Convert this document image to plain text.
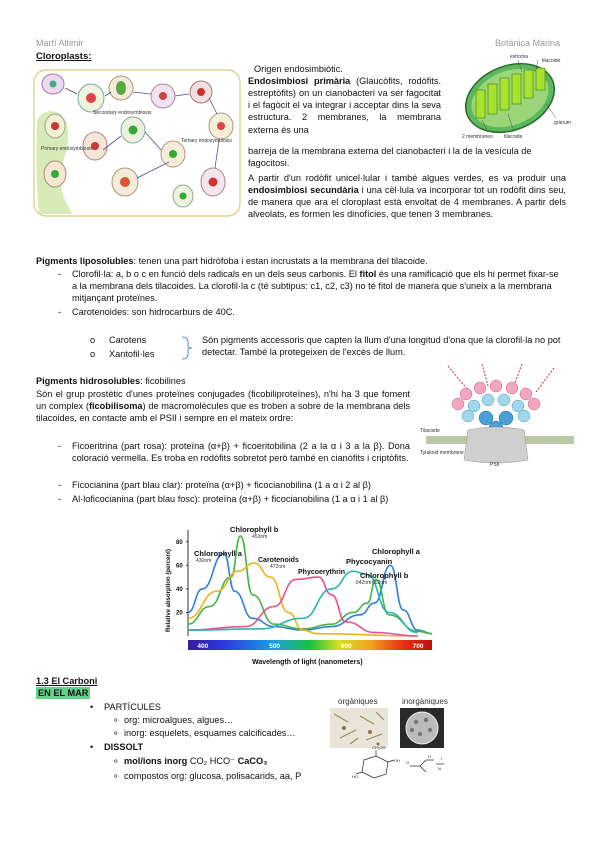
Martí Altimir	Botànica Marina
Cloroplasts:
Primary endosymbiosis
Secondary endosymbiosis
Tertiary endosymbiosis
Origen endosimbiòtic.
Endosimbiosi primària (Glaucòfits, rodòfits. estreptòfits) on un cianobacteri va ser fagocitat i el fagòcit el va integrar i acceptar dins la seva estructura. 2 membranes, la membrana externa és una
barreja de la membrana externa del cianobacteri i la de la vesícula de fagocitosi.
A partir d'un rodòfit unicel·lular i també algues verdes, es va produir una endosimbiosi secundària i una cèl·lula va incorporar tot un rodòfit dins seu, de manera que ara el cloroplast està envoltat de 4 membranes. A partir dels alveolats, es formen les dinofícies, que tenen 3 membranes.
estroma
tilacoide
grànum
2 membranes tilacoide
Pigments liposolubles: tenen una part hidròfoba i estan incrustats a la membrana del tilacoide.
- Clorofil·la: a, b o c en funció dels radicals en un dels seus carbonis. El fitol és una ramificació que els hi permet fixar-se a la membrana dels tilacoides. La clorofil·la c (té subtipus: c1, c2, c3) no té fitol de manera que s'uneix a la membrana mitjançant proteïnes.
- Carotenoides: son hidrocarburs de 40C.
o Carotens
o Xantofil·les
Són pigments accessoris que capten la llum d'una longitud d'ona que la clorofil·la no pot detectar. També la protegeixen de l'excés de llum.
Pigments hidrosolubles: ficobilines
Són el grup prostètic d'unes proteïnes conjugades (ficobiliproteïnes), n'hi ha 3 que foment un complex (ficobilisoma) de macromolècules que es troben a sobre de la membrana dels tilacoides, en contacte amb el PSII i sempre en el mateix ordre:
Tilacoide
Tylakoid membrane
PSII
- Ficoeritrina (part rosa): proteïna (α+β) + ficoeritobilina (2 a la α i 3 a la β). Dona coloració vermella. Es troba en rodòfits sobretot però també en cianòfits i criptòfits.
- Ficocianina (part blau clar): proteïna (α+β) + ficocianobilina (1 a α i 2 al β)
- Al·loficocianina (part blau fosc): proteïna (α+β) + ficocianobilina (1 a α i 1 al β)
20
40
60
80
400	500	600	700
Relative absorption (percent)
Wavelength of light (nanometers)
Chlorophyll b
453nm
Chlorophyll a
430nm	Carotenoids
472nm
Phycocyanin
Phycoerythrin
662nm
Chlorophyll b
642nm
Chlorophyll a
1.3 El Carboni
EN EL MAR
• PARTÍCULES
⚬ org: microalgues, algues…
⚬ inorg: esquelets, esquames calcificades…
• DISSOLT
⚬ mol/ions inorg CO₂ HCO⁻ CaCO₃
⚬ compostos org: glucosa, polisacarids, aa, P
orgàniques	inorgàniques
CH₂OH
HO
OH O
O +
N
